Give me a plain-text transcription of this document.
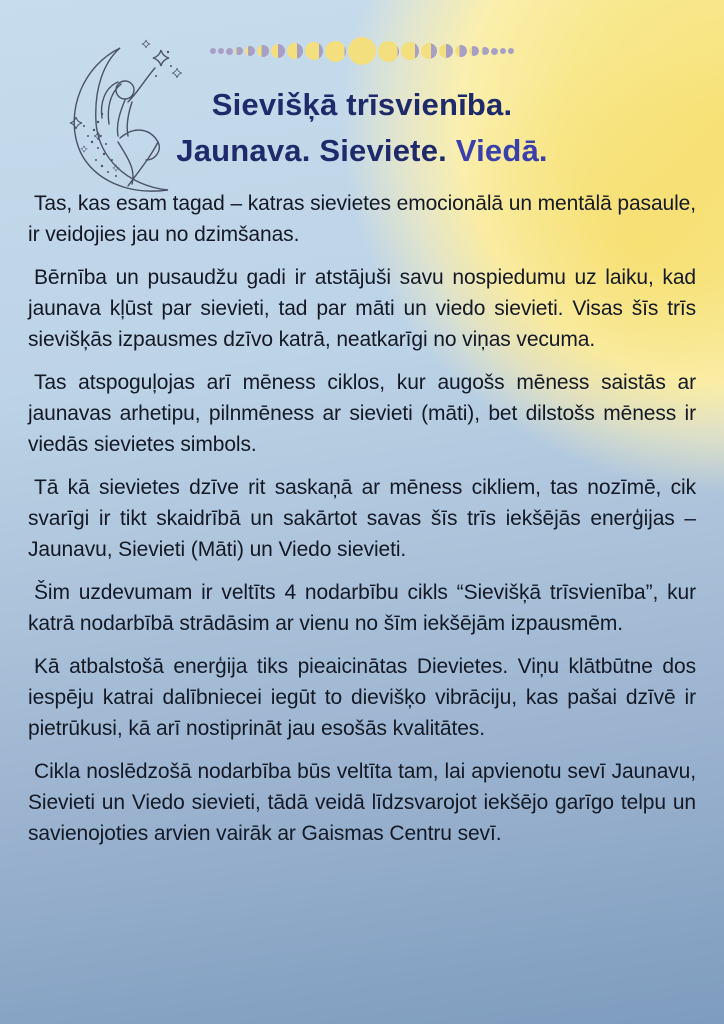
Sievišķā trīsvienība.
Jaunava. Sieviete. Viedā.

Tas, kas esam tagad – katras sievietes emocionālā un mentālā pasaule, ir veidojies jau no dzimšanas.

Bērnība un pusaudžu gadi ir atstājuši savu nospiedumu uz laiku, kad jaunava kļūst par sievieti, tad par māti un viedo sievieti. Visas šīs trīs sievišķās izpausmes dzīvo katrā, neatkarīgi no viņas vecuma.

Tas atspoguļojas arī mēness ciklos, kur augošs mēness saistās ar jaunavas arhetipu, pilnmēness ar sievieti (māti), bet dilstošs mēness ir viedās sievietes simbols.

Tā kā sievietes dzīve rit saskaņā ar mēness cikliem, tas nozīmē, cik svarīgi ir tikt skaidrībā un sakārtot savas šīs trīs iekšējās enerģijas – Jaunavu, Sievieti (Māti) un Viedo sievieti.

Šim uzdevumam ir veltīts 4 nodarbību cikls “Sievišķā trīsvienība”, kur katrā nodarbībā strādāsim ar vienu no šīm iekšējām izpausmēm.

Kā atbalstošā enerģija tiks pieaicinātas Dievietes. Viņu klātbūtne dos iespēju katrai dalībniecei iegūt to dievišķo vibrāciju, kas pašai dzīvē ir pietrūkusi, kā arī nostiprināt jau esošās kvalitātes.

Cikla noslēdzošā nodarbība būs veltīta tam, lai apvienotu sevī Jaunavu, Sievieti un Viedo sievieti, tādā veidā līdzsvarojot iekšējo garīgo telpu un savienojoties arvien vairāk ar Gaismas Centru sevī.
